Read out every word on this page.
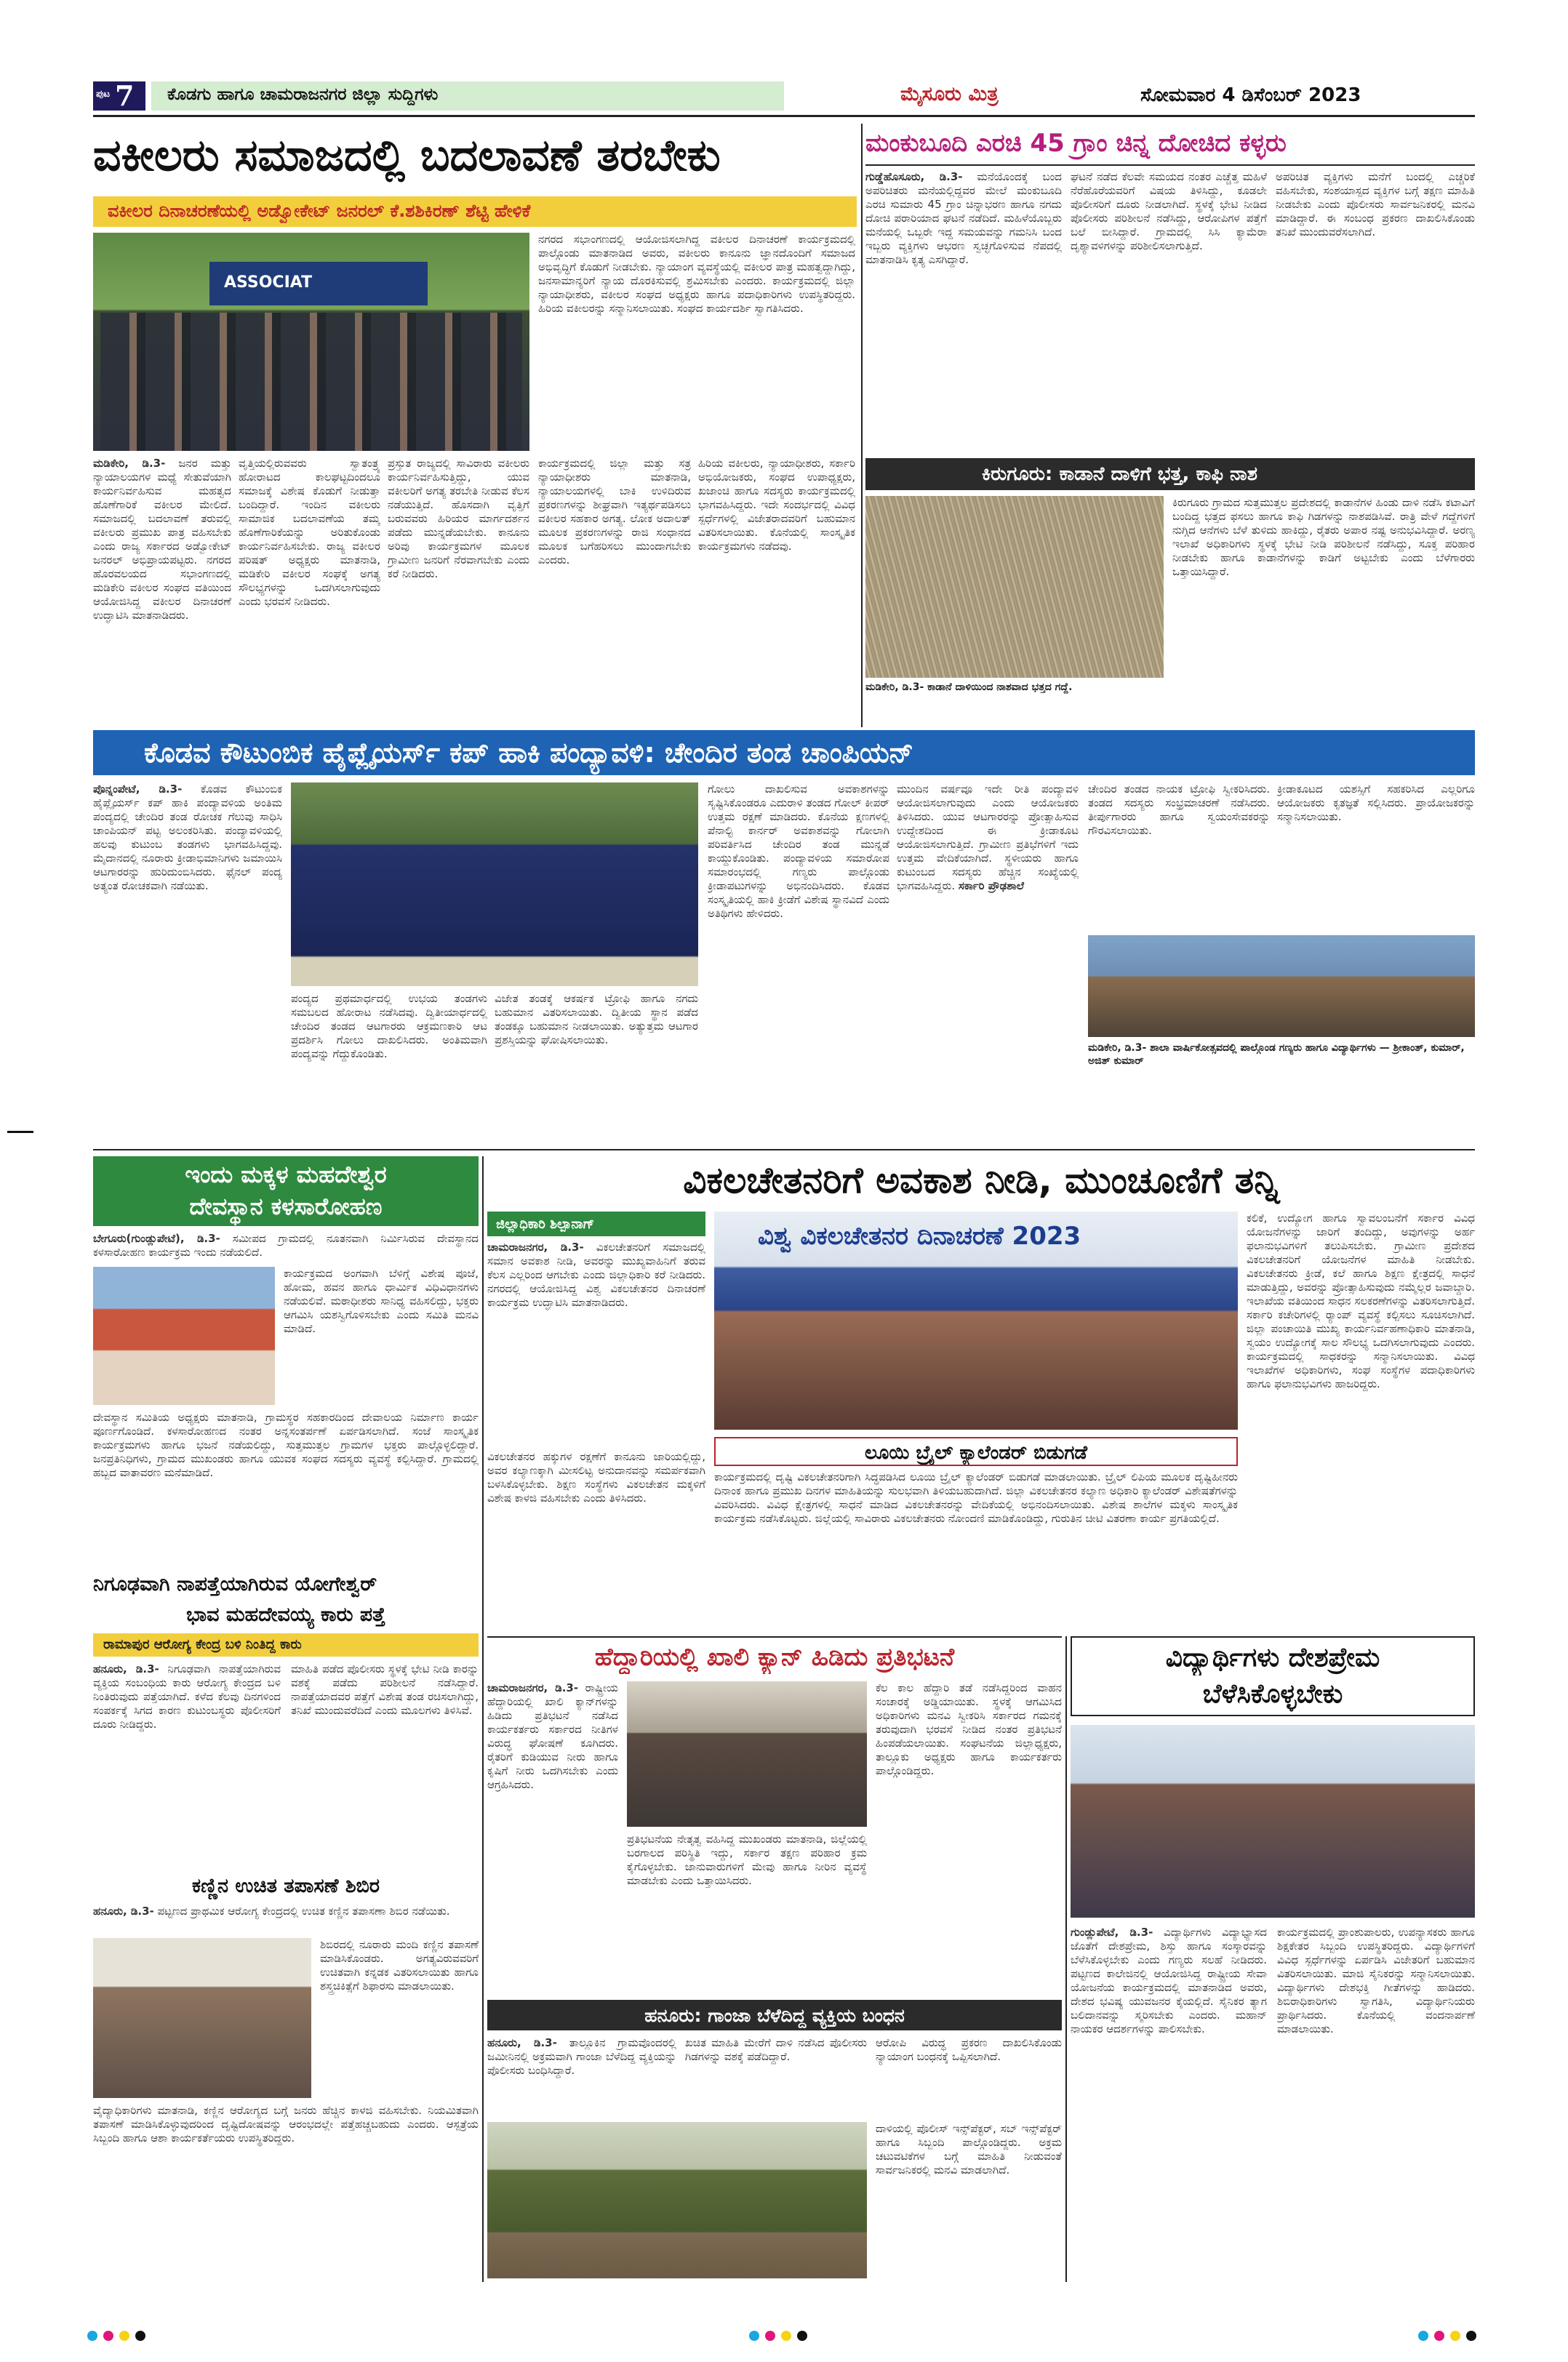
ಪುಟ 7 ಕೊಡಗು ಹಾಗೂ ಚಾಮರಾಜನಗರ ಜಿಲ್ಲಾ ಸುದ್ದಿಗಳು	ಮೈಸೂರು ಮಿತ್ರ	ಸೋಮವಾರ 4 ಡಿಸೆಂಬರ್ 2023
ವಕೀಲರು ಸಮಾಜದಲ್ಲಿ ಬದಲಾವಣೆ ತರಬೇಕು
ವಕೀಲರ ದಿನಾಚರಣೆಯಲ್ಲಿ ಅಡ್ವೋಕೇಟ್ ಜನರಲ್ ಕೆ.ಶಶಿಕಿರಣ್ ಶೆಟ್ಟಿ ಹೇಳಿಕೆ
ASSOCIAT
ನಗರದ ಸಭಾಂಗಣದಲ್ಲಿ ಆಯೋಜಿಸಲಾಗಿದ್ದ ವಕೀಲರ ದಿನಾಚರಣೆ ಕಾರ್ಯಕ್ರಮದಲ್ಲಿ ಪಾಲ್ಗೊಂಡು ಮಾತನಾಡಿದ ಅವರು, ವಕೀಲರು ಕಾನೂನು ಜ್ಞಾನದೊಂದಿಗೆ ಸಮಾಜದ ಅಭಿವೃದ್ಧಿಗೆ ಕೊಡುಗೆ ನೀಡಬೇಕು. ನ್ಯಾಯಾಂಗ ವ್ಯವಸ್ಥೆಯಲ್ಲಿ ವಕೀಲರ ಪಾತ್ರ ಮಹತ್ವದ್ದಾಗಿದ್ದು, ಜನಸಾಮಾನ್ಯರಿಗೆ ನ್ಯಾಯ ದೊರಕಿಸುವಲ್ಲಿ ಶ್ರಮಿಸಬೇಕು ಎಂದರು. ಕಾರ್ಯಕ್ರಮದಲ್ಲಿ ಜಿಲ್ಲಾ ನ್ಯಾಯಾಧೀಶರು, ವಕೀಲರ ಸಂಘದ ಅಧ್ಯಕ್ಷರು ಹಾಗೂ ಪದಾಧಿಕಾರಿಗಳು ಉಪಸ್ಥಿತರಿದ್ದರು. ಹಿರಿಯ ವಕೀಲರನ್ನು ಸನ್ಮಾನಿಸಲಾಯಿತು. ಸಂಘದ ಕಾರ್ಯದರ್ಶಿ ಸ್ವಾಗತಿಸಿದರು.
ಮಡಿಕೇರಿ, ಡಿ.3- ಜನರ ಮತ್ತು ನ್ಯಾಯಾಲಯಗಳ ಮಧ್ಯೆ ಸೇತುವೆಯಾಗಿ ಕಾರ್ಯನಿರ್ವಹಿಸುವ ಮಹತ್ವದ ಹೊಣೆಗಾರಿಕೆ ವಕೀಲರ ಮೇಲಿದೆ. ಸಮಾಜದಲ್ಲಿ ಬದಲಾವಣೆ ತರುವಲ್ಲಿ ವಕೀಲರು ಪ್ರಮುಖ ಪಾತ್ರ ವಹಿಸಬೇಕು ಎಂದು ರಾಜ್ಯ ಸರ್ಕಾರದ ಅಡ್ವೋಕೇಟ್ ಜನರಲ್ ಅಭಿಪ್ರಾಯಪಟ್ಟರು. ನಗರದ ಹೊರವಲಯದ ಸಭಾಂಗಣದಲ್ಲಿ ಮಡಿಕೇರಿ ವಕೀಲರ ಸಂಘದ ವತಿಯಿಂದ ಆಯೋಜಿಸಿದ್ದ ವಕೀಲರ ದಿನಾಚರಣೆ ಉದ್ಘಾಟಿಸಿ ಮಾತನಾಡಿದರು.
ವೃತ್ತಿಯಲ್ಲಿರುವವರು ಸ್ವಾತಂತ್ರ್ಯ ಹೋರಾಟದ ಕಾಲಘಟ್ಟದಿಂದಲೂ ಸಮಾಜಕ್ಕೆ ವಿಶೇಷ ಕೊಡುಗೆ ನೀಡುತ್ತಾ ಬಂದಿದ್ದಾರೆ. ಇಂದಿನ ವಕೀಲರು ಸಾಮಾಜಿಕ ಬದಲಾವಣೆಯ ತಮ್ಮ ಹೊಣೆಗಾರಿಕೆಯನ್ನು ಅರಿತುಕೊಂಡು ಕಾರ್ಯನಿರ್ವಹಿಸಬೇಕು. ರಾಜ್ಯ ವಕೀಲರ ಪರಿಷತ್ ಅಧ್ಯಕ್ಷರು ಮಾತನಾಡಿ, ಮಡಿಕೇರಿ ವಕೀಲರ ಸಂಘಕ್ಕೆ ಅಗತ್ಯ ಸೌಲಭ್ಯಗಳನ್ನು ಒದಗಿಸಲಾಗುವುದು ಎಂದು ಭರವಸೆ ನೀಡಿದರು.
ಪ್ರಸ್ತುತ ರಾಜ್ಯದಲ್ಲಿ ಸಾವಿರಾರು ವಕೀಲರು ಕಾರ್ಯನಿರ್ವಹಿಸುತ್ತಿದ್ದು, ಯುವ ವಕೀಲರಿಗೆ ಅಗತ್ಯ ತರಬೇತಿ ನೀಡುವ ಕೆಲಸ ನಡೆಯುತ್ತಿದೆ. ಹೊಸದಾಗಿ ವೃತ್ತಿಗೆ ಬರುವವರು ಹಿರಿಯರ ಮಾರ್ಗದರ್ಶನ ಪಡೆದು ಮುನ್ನಡೆಯಬೇಕು. ಕಾನೂನು ಅರಿವು ಕಾರ್ಯಕ್ರಮಗಳ ಮೂಲಕ ಗ್ರಾಮೀಣ ಜನರಿಗೆ ನೆರವಾಗಬೇಕು ಎಂದು ಕರೆ ನೀಡಿದರು.
ಕಾರ್ಯಕ್ರಮದಲ್ಲಿ ಜಿಲ್ಲಾ ಮತ್ತು ಸತ್ರ ನ್ಯಾಯಾಧೀಶರು ಮಾತನಾಡಿ, ನ್ಯಾಯಾಲಯಗಳಲ್ಲಿ ಬಾಕಿ ಉಳಿದಿರುವ ಪ್ರಕರಣಗಳನ್ನು ಶೀಘ್ರವಾಗಿ ಇತ್ಯರ್ಥಪಡಿಸಲು ವಕೀಲರ ಸಹಕಾರ ಅಗತ್ಯ. ಲೋಕ ಅದಾಲತ್ ಮೂಲಕ ಪ್ರಕರಣಗಳನ್ನು ರಾಜಿ ಸಂಧಾನದ ಮೂಲಕ ಬಗೆಹರಿಸಲು ಮುಂದಾಗಬೇಕು ಎಂದರು.
ಹಿರಿಯ ವಕೀಲರು, ನ್ಯಾಯಾಧೀಶರು, ಸರ್ಕಾರಿ ಅಭಿಯೋಜಕರು, ಸಂಘದ ಉಪಾಧ್ಯಕ್ಷರು, ಖಜಾಂಚಿ ಹಾಗೂ ಸದಸ್ಯರು ಕಾರ್ಯಕ್ರಮದಲ್ಲಿ ಭಾಗವಹಿಸಿದ್ದರು. ಇದೇ ಸಂದರ್ಭದಲ್ಲಿ ವಿವಿಧ ಸ್ಪರ್ಧೆಗಳಲ್ಲಿ ವಿಜೇತರಾದವರಿಗೆ ಬಹುಮಾನ ವಿತರಿಸಲಾಯಿತು. ಕೊನೆಯಲ್ಲಿ ಸಾಂಸ್ಕೃತಿಕ ಕಾರ್ಯಕ್ರಮಗಳು ನಡೆದವು.
ಮಂಕುಬೂದಿ ಎರಚಿ 45 ಗ್ರಾಂ ಚಿನ್ನ ದೋಚಿದ ಕಳ್ಳರು
ಗುಡ್ಡೆಹೊಸೂರು, ಡಿ.3- ಮನೆಯೊಂದಕ್ಕೆ ಬಂದ ಅಪರಿಚಿತರು ಮನೆಯಲ್ಲಿದ್ದವರ ಮೇಲೆ ಮಂಕುಬೂದಿ ಎರಚಿ ಸುಮಾರು 45 ಗ್ರಾಂ ಚಿನ್ನಾಭರಣ ಹಾಗೂ ನಗದು ದೋಚಿ ಪರಾರಿಯಾದ ಘಟನೆ ನಡೆದಿದೆ. ಮಹಿಳೆಯೊಬ್ಬರು ಮನೆಯಲ್ಲಿ ಒಬ್ಬರೇ ಇದ್ದ ಸಮಯವನ್ನು ಗಮನಿಸಿ ಬಂದ ಇಬ್ಬರು ವ್ಯಕ್ತಿಗಳು ಆಭರಣ ಸ್ವಚ್ಛಗೊಳಿಸುವ ನೆಪದಲ್ಲಿ ಮಾತನಾಡಿಸಿ ಕೃತ್ಯ ಎಸಗಿದ್ದಾರೆ.
ಘಟನೆ ನಡೆದ ಕೆಲವೇ ಸಮಯದ ನಂತರ ಎಚ್ಚೆತ್ತ ಮಹಿಳೆ ನೆರೆಹೊರೆಯವರಿಗೆ ವಿಷಯ ತಿಳಿಸಿದ್ದು, ಕೂಡಲೇ ಪೊಲೀಸರಿಗೆ ದೂರು ನೀಡಲಾಗಿದೆ. ಸ್ಥಳಕ್ಕೆ ಭೇಟಿ ನೀಡಿದ ಪೊಲೀಸರು ಪರಿಶೀಲನೆ ನಡೆಸಿದ್ದು, ಆರೋಪಿಗಳ ಪತ್ತೆಗೆ ಬಲೆ ಬೀಸಿದ್ದಾರೆ. ಗ್ರಾಮದಲ್ಲಿ ಸಿಸಿ ಕ್ಯಾಮೆರಾ ದೃಶ್ಯಾವಳಿಗಳನ್ನು ಪರಿಶೀಲಿಸಲಾಗುತ್ತಿದೆ.
ಅಪರಿಚಿತ ವ್ಯಕ್ತಿಗಳು ಮನೆಗೆ ಬಂದಲ್ಲಿ ಎಚ್ಚರಿಕೆ ವಹಿಸಬೇಕು, ಸಂಶಯಾಸ್ಪದ ವ್ಯಕ್ತಿಗಳ ಬಗ್ಗೆ ತಕ್ಷಣ ಮಾಹಿತಿ ನೀಡಬೇಕು ಎಂದು ಪೊಲೀಸರು ಸಾರ್ವಜನಿಕರಲ್ಲಿ ಮನವಿ ಮಾಡಿದ್ದಾರೆ. ಈ ಸಂಬಂಧ ಪ್ರಕರಣ ದಾಖಲಿಸಿಕೊಂಡು ತನಿಖೆ ಮುಂದುವರೆಸಲಾಗಿದೆ.
ಕಿರುಗೂರು: ಕಾಡಾನೆ ದಾಳಿಗೆ ಭತ್ತ, ಕಾಫಿ ನಾಶ
ಮಡಿಕೇರಿ, ಡಿ.3- ಕಾಡಾನೆ ದಾಳಿಯಿಂದ ನಾಶವಾದ ಭತ್ತದ ಗದ್ದೆ.
ಕಿರುಗೂರು ಗ್ರಾಮದ ಸುತ್ತಮುತ್ತಲ ಪ್ರದೇಶದಲ್ಲಿ ಕಾಡಾನೆಗಳ ಹಿಂಡು ದಾಳಿ ನಡೆಸಿ ಕಟಾವಿಗೆ ಬಂದಿದ್ದ ಭತ್ತದ ಫಸಲು ಹಾಗೂ ಕಾಫಿ ಗಿಡಗಳನ್ನು ನಾಶಪಡಿಸಿವೆ. ರಾತ್ರಿ ವೇಳೆ ಗದ್ದೆಗಳಿಗೆ ನುಗ್ಗಿದ ಆನೆಗಳು ಬೆಳೆ ತುಳಿದು ಹಾಕಿದ್ದು, ರೈತರು ಅಪಾರ ನಷ್ಟ ಅನುಭವಿಸಿದ್ದಾರೆ. ಅರಣ್ಯ ಇಲಾಖೆ ಅಧಿಕಾರಿಗಳು ಸ್ಥಳಕ್ಕೆ ಭೇಟಿ ನೀಡಿ ಪರಿಶೀಲನೆ ನಡೆಸಿದ್ದು, ಸೂಕ್ತ ಪರಿಹಾರ ನೀಡಬೇಕು ಹಾಗೂ ಕಾಡಾನೆಗಳನ್ನು ಕಾಡಿಗೆ ಅಟ್ಟಬೇಕು ಎಂದು ಬೆಳೆಗಾರರು ಒತ್ತಾಯಿಸಿದ್ದಾರೆ.
ಕೊಡವ ಕೌಟುಂಬಿಕ ಹೈಪ್ಲೈಯರ್ಸ್ ಕಪ್ ಹಾಕಿ ಪಂದ್ಯಾವಳಿ: ಚೇಂದಿರ ತಂಡ ಚಾಂಪಿಯನ್
ಪೊನ್ನಂಪೇಟೆ, ಡಿ.3- ಕೊಡವ ಕೌಟುಂಬಿಕ ಹೈಪ್ಲೈಯರ್ಸ್ ಕಪ್ ಹಾಕಿ ಪಂದ್ಯಾವಳಿಯ ಅಂತಿಮ ಪಂದ್ಯದಲ್ಲಿ ಚೇಂದಿರ ತಂಡ ರೋಚಕ ಗೆಲುವು ಸಾಧಿಸಿ ಚಾಂಪಿಯನ್ ಪಟ್ಟ ಅಲಂಕರಿಸಿತು. ಪಂದ್ಯಾವಳಿಯಲ್ಲಿ ಹಲವು ಕುಟುಂಬ ತಂಡಗಳು ಭಾಗವಹಿಸಿದ್ದವು. ಮೈದಾನದಲ್ಲಿ ನೂರಾರು ಕ್ರೀಡಾಭಿಮಾನಿಗಳು ಜಮಾಯಿಸಿ ಆಟಗಾರರನ್ನು ಹುರಿದುಂಬಿಸಿದರು. ಫೈನಲ್ ಪಂದ್ಯ ಅತ್ಯಂತ ರೋಚಕವಾಗಿ ನಡೆಯಿತು.
ಪಂದ್ಯದ ಪ್ರಥಮಾರ್ಧದಲ್ಲಿ ಉಭಯ ತಂಡಗಳು ಸಮಬಲದ ಹೋರಾಟ ನಡೆಸಿದವು. ದ್ವಿತೀಯಾರ್ಧದಲ್ಲಿ ಚೇಂದಿರ ತಂಡದ ಆಟಗಾರರು ಆಕ್ರಮಣಕಾರಿ ಆಟ ಪ್ರದರ್ಶಿಸಿ ಗೋಲು ದಾಖಲಿಸಿದರು. ಅಂತಿಮವಾಗಿ ಪಂದ್ಯವನ್ನು ಗೆದ್ದುಕೊಂಡಿತು.
ವಿಜೇತ ತಂಡಕ್ಕೆ ಆಕರ್ಷಕ ಟ್ರೋಫಿ ಹಾಗೂ ನಗದು ಬಹುಮಾನ ವಿತರಿಸಲಾಯಿತು. ದ್ವಿತೀಯ ಸ್ಥಾನ ಪಡೆದ ತಂಡಕ್ಕೂ ಬಹುಮಾನ ನೀಡಲಾಯಿತು. ಅತ್ಯುತ್ತಮ ಆಟಗಾರ ಪ್ರಶಸ್ತಿಯನ್ನು ಘೋಷಿಸಲಾಯಿತು.
ಗೋಲು ದಾಖಲಿಸುವ ಅವಕಾಶಗಳನ್ನು ಸೃಷ್ಟಿಸಿಕೊಂಡರೂ ಎದುರಾಳಿ ತಂಡದ ಗೋಲ್ ಕೀಪರ್ ಉತ್ತಮ ರಕ್ಷಣೆ ಮಾಡಿದರು. ಕೊನೆಯ ಕ್ಷಣಗಳಲ್ಲಿ ಪೆನಾಲ್ಟಿ ಕಾರ್ನರ್ ಅವಕಾಶವನ್ನು ಗೋಲಾಗಿ ಪರಿವರ್ತಿಸಿದ ಚೇಂದಿರ ತಂಡ ಮುನ್ನಡೆ ಕಾಯ್ದುಕೊಂಡಿತು. ಪಂದ್ಯಾವಳಿಯ ಸಮಾರೋಪ ಸಮಾರಂಭದಲ್ಲಿ ಗಣ್ಯರು ಪಾಲ್ಗೊಂಡು ಕ್ರೀಡಾಪಟುಗಳನ್ನು ಅಭಿನಂದಿಸಿದರು. ಕೊಡವ ಸಂಸ್ಕೃತಿಯಲ್ಲಿ ಹಾಕಿ ಕ್ರೀಡೆಗೆ ವಿಶೇಷ ಸ್ಥಾನವಿದೆ ಎಂದು ಅತಿಥಿಗಳು ಹೇಳಿದರು.
ಮುಂದಿನ ವರ್ಷವೂ ಇದೇ ರೀತಿ ಪಂದ್ಯಾವಳಿ ಆಯೋಜಿಸಲಾಗುವುದು ಎಂದು ಆಯೋಜಕರು ತಿಳಿಸಿದರು. ಯುವ ಆಟಗಾರರನ್ನು ಪ್ರೋತ್ಸಾಹಿಸುವ ಉದ್ದೇಶದಿಂದ ಈ ಕ್ರೀಡಾಕೂಟ ಆಯೋಜಿಸಲಾಗುತ್ತಿದೆ. ಗ್ರಾಮೀಣ ಪ್ರತಿಭೆಗಳಿಗೆ ಇದು ಉತ್ತಮ ವೇದಿಕೆಯಾಗಿದೆ. ಸ್ಥಳೀಯರು ಹಾಗೂ ಕುಟುಂಬದ ಸದಸ್ಯರು ಹೆಚ್ಚಿನ ಸಂಖ್ಯೆಯಲ್ಲಿ ಭಾಗವಹಿಸಿದ್ದರು. ಸರ್ಕಾರಿ ಪ್ರೌಢಶಾಲೆ
ಚೇಂದಿರ ತಂಡದ ನಾಯಕ ಟ್ರೋಫಿ ಸ್ವೀಕರಿಸಿದರು. ತಂಡದ ಸದಸ್ಯರು ಸಂಭ್ರಮಾಚರಣೆ ನಡೆಸಿದರು. ತೀರ್ಪುಗಾರರು ಹಾಗೂ ಸ್ವಯಂಸೇವಕರನ್ನು ಗೌರವಿಸಲಾಯಿತು.
ಕ್ರೀಡಾಕೂಟದ ಯಶಸ್ಸಿಗೆ ಸಹಕರಿಸಿದ ಎಲ್ಲರಿಗೂ ಆಯೋಜಕರು ಕೃತಜ್ಞತೆ ಸಲ್ಲಿಸಿದರು. ಪ್ರಾಯೋಜಕರನ್ನು ಸನ್ಮಾನಿಸಲಾಯಿತು.
ಮಡಿಕೇರಿ, ಡಿ.3- ಶಾಲಾ ವಾರ್ಷಿಕೋತ್ಸವದಲ್ಲಿ ಪಾಲ್ಗೊಂಡ ಗಣ್ಯರು ಹಾಗೂ ವಿದ್ಯಾರ್ಥಿಗಳು — ಶ್ರೀಕಾಂತ್, ಕುಮಾರ್, ಅಜಿತ್ ಕುಮಾರ್
ಇಂದು ಮಕ್ಕಳ ಮಹದೇಶ್ವರ
ದೇವಸ್ಥಾನ ಕಳಸಾರೋಹಣ
ಬೇಗೂರು(ಗುಂಡ್ಲುಪೇಟೆ), ಡಿ.3- ಸಮೀಪದ ಗ್ರಾಮದಲ್ಲಿ ನೂತನವಾಗಿ ನಿರ್ಮಿಸಿರುವ ದೇವಸ್ಥಾನದ ಕಳಸಾರೋಹಣ ಕಾರ್ಯಕ್ರಮ ಇಂದು ನಡೆಯಲಿದೆ.
ಕಾರ್ಯಕ್ರಮದ ಅಂಗವಾಗಿ ಬೆಳಿಗ್ಗೆ ವಿಶೇಷ ಪೂಜೆ, ಹೋಮ, ಹವನ ಹಾಗೂ ಧಾರ್ಮಿಕ ವಿಧಿವಿಧಾನಗಳು ನಡೆಯಲಿವೆ. ಮಠಾಧೀಶರು ಸಾನಿಧ್ಯ ವಹಿಸಲಿದ್ದು, ಭಕ್ತರು ಆಗಮಿಸಿ ಯಶಸ್ವಿಗೊಳಿಸಬೇಕು ಎಂದು ಸಮಿತಿ ಮನವಿ ಮಾಡಿದೆ.
ದೇವಸ್ಥಾನ ಸಮಿತಿಯ ಅಧ್ಯಕ್ಷರು ಮಾತನಾಡಿ, ಗ್ರಾಮಸ್ಥರ ಸಹಕಾರದಿಂದ ದೇವಾಲಯ ನಿರ್ಮಾಣ ಕಾರ್ಯ ಪೂರ್ಣಗೊಂಡಿದೆ. ಕಳಸಾರೋಹಣದ ನಂತರ ಅನ್ನಸಂತರ್ಪಣೆ ಏರ್ಪಡಿಸಲಾಗಿದೆ. ಸಂಜೆ ಸಾಂಸ್ಕೃತಿಕ ಕಾರ್ಯಕ್ರಮಗಳು ಹಾಗೂ ಭಜನೆ ನಡೆಯಲಿದ್ದು, ಸುತ್ತಮುತ್ತಲ ಗ್ರಾಮಗಳ ಭಕ್ತರು ಪಾಲ್ಗೊಳ್ಳಲಿದ್ದಾರೆ. ಜನಪ್ರತಿನಿಧಿಗಳು, ಗ್ರಾಮದ ಮುಖಂಡರು ಹಾಗೂ ಯುವಕ ಸಂಘದ ಸದಸ್ಯರು ವ್ಯವಸ್ಥೆ ಕಲ್ಪಿಸಿದ್ದಾರೆ. ಗ್ರಾಮದಲ್ಲಿ ಹಬ್ಬದ ವಾತಾವರಣ ಮನೆಮಾಡಿದೆ.
ನಿಗೂಢವಾಗಿ ನಾಪತ್ತೆಯಾಗಿರುವ ಯೋಗೇಶ್ವರ್
ಭಾವ ಮಹದೇವಯ್ಯ ಕಾರು ಪತ್ತೆ
ರಾಮಾಪುರ ಆರೋಗ್ಯ ಕೇಂದ್ರ ಬಳಿ ನಿಂತಿದ್ದ ಕಾರು
ಹನೂರು, ಡಿ.3- ನಿಗೂಢವಾಗಿ ನಾಪತ್ತೆಯಾಗಿರುವ ವ್ಯಕ್ತಿಯ ಸಂಬಂಧಿಯ ಕಾರು ಆರೋಗ್ಯ ಕೇಂದ್ರದ ಬಳಿ ನಿಂತಿರುವುದು ಪತ್ತೆಯಾಗಿದೆ. ಕಳೆದ ಕೆಲವು ದಿನಗಳಿಂದ ಸಂಪರ್ಕಕ್ಕೆ ಸಿಗದ ಕಾರಣ ಕುಟುಂಬಸ್ಥರು ಪೊಲೀಸರಿಗೆ ದೂರು ನೀಡಿದ್ದರು.
ಮಾಹಿತಿ ಪಡೆದ ಪೊಲೀಸರು ಸ್ಥಳಕ್ಕೆ ಭೇಟಿ ನೀಡಿ ಕಾರನ್ನು ವಶಕ್ಕೆ ಪಡೆದು ಪರಿಶೀಲನೆ ನಡೆಸಿದ್ದಾರೆ. ನಾಪತ್ತೆಯಾದವರ ಪತ್ತೆಗೆ ವಿಶೇಷ ತಂಡ ರಚಿಸಲಾಗಿದ್ದು, ತನಿಖೆ ಮುಂದುವರೆದಿದೆ ಎಂದು ಮೂಲಗಳು ತಿಳಿಸಿವೆ.
ಕಣ್ಣಿನ ಉಚಿತ ತಪಾಸಣೆ ಶಿಬಿರ
ಹನೂರು, ಡಿ.3- ಪಟ್ಟಣದ ಪ್ರಾಥಮಿಕ ಆರೋಗ್ಯ ಕೇಂದ್ರದಲ್ಲಿ ಉಚಿತ ಕಣ್ಣಿನ ತಪಾಸಣಾ ಶಿಬಿರ ನಡೆಯಿತು.
ಶಿಬಿರದಲ್ಲಿ ನೂರಾರು ಮಂದಿ ಕಣ್ಣಿನ ತಪಾಸಣೆ ಮಾಡಿಸಿಕೊಂಡರು. ಅಗತ್ಯವಿರುವವರಿಗೆ ಉಚಿತವಾಗಿ ಕನ್ನಡಕ ವಿತರಿಸಲಾಯಿತು ಹಾಗೂ ಶಸ್ತ್ರಚಿಕಿತ್ಸೆಗೆ ಶಿಫಾರಸು ಮಾಡಲಾಯಿತು.
ವೈದ್ಯಾಧಿಕಾರಿಗಳು ಮಾತನಾಡಿ, ಕಣ್ಣಿನ ಆರೋಗ್ಯದ ಬಗ್ಗೆ ಜನರು ಹೆಚ್ಚಿನ ಕಾಳಜಿ ವಹಿಸಬೇಕು. ನಿಯಮಿತವಾಗಿ ತಪಾಸಣೆ ಮಾಡಿಸಿಕೊಳ್ಳುವುದರಿಂದ ದೃಷ್ಟಿದೋಷವನ್ನು ಆರಂಭದಲ್ಲೇ ಪತ್ತೆಹಚ್ಚಬಹುದು ಎಂದರು. ಆಸ್ಪತ್ರೆಯ ಸಿಬ್ಬಂದಿ ಹಾಗೂ ಆಶಾ ಕಾರ್ಯಕರ್ತೆಯರು ಉಪಸ್ಥಿತರಿದ್ದರು.
ವಿಕಲಚೇತನರಿಗೆ ಅವಕಾಶ ನೀಡಿ, ಮುಂಚೂಣಿಗೆ ತನ್ನಿ
ಜಿಲ್ಲಾಧಿಕಾರಿ ಶಿಲ್ಪಾನಾಗ್
ಚಾಮರಾಜನಗರ, ಡಿ.3- ವಿಕಲಚೇತನರಿಗೆ ಸಮಾಜದಲ್ಲಿ ಸಮಾನ ಅವಕಾಶ ನೀಡಿ, ಅವರನ್ನು ಮುಖ್ಯವಾಹಿನಿಗೆ ತರುವ ಕೆಲಸ ಎಲ್ಲರಿಂದ ಆಗಬೇಕು ಎಂದು ಜಿಲ್ಲಾಧಿಕಾರಿ ಕರೆ ನೀಡಿದರು. ನಗರದಲ್ಲಿ ಆಯೋಜಿಸಿದ್ದ ವಿಶ್ವ ವಿಕಲಚೇತನರ ದಿನಾಚರಣೆ ಕಾರ್ಯಕ್ರಮ ಉದ್ಘಾಟಿಸಿ ಮಾತನಾಡಿದರು.
ವಿಶ್ವ ವಿಕಲಚೇತನರ ದಿನಾಚರಣೆ 2023
ಕಲಿಕೆ, ಉದ್ಯೋಗ ಹಾಗೂ ಸ್ವಾವಲಂಬನೆಗೆ ಸರ್ಕಾರ ವಿವಿಧ ಯೋಜನೆಗಳನ್ನು ಜಾರಿಗೆ ತಂದಿದ್ದು, ಅವುಗಳನ್ನು ಅರ್ಹ ಫಲಾನುಭವಿಗಳಿಗೆ ತಲುಪಿಸಬೇಕು. ಗ್ರಾಮೀಣ ಪ್ರದೇಶದ ವಿಕಲಚೇತನರಿಗೆ ಯೋಜನೆಗಳ ಮಾಹಿತಿ ನೀಡಬೇಕು. ವಿಕಲಚೇತನರು ಕ್ರೀಡೆ, ಕಲೆ ಹಾಗೂ ಶಿಕ್ಷಣ ಕ್ಷೇತ್ರದಲ್ಲಿ ಸಾಧನೆ ಮಾಡುತ್ತಿದ್ದು, ಅವರನ್ನು ಪ್ರೋತ್ಸಾಹಿಸುವುದು ನಮ್ಮೆಲ್ಲರ ಜವಾಬ್ದಾರಿ. ಇಲಾಖೆಯ ವತಿಯಿಂದ ಸಾಧನ ಸಲಕರಣೆಗಳನ್ನು ವಿತರಿಸಲಾಗುತ್ತಿದೆ. ಸರ್ಕಾರಿ ಕಚೇರಿಗಳಲ್ಲಿ ರ‍್ಯಾಂಪ್ ವ್ಯವಸ್ಥೆ ಕಲ್ಪಿಸಲು ಸೂಚಿಸಲಾಗಿದೆ. ಜಿಲ್ಲಾ ಪಂಚಾಯಿತಿ ಮುಖ್ಯ ಕಾರ್ಯನಿರ್ವಹಣಾಧಿಕಾರಿ ಮಾತನಾಡಿ, ಸ್ವಯಂ ಉದ್ಯೋಗಕ್ಕೆ ಸಾಲ ಸೌಲಭ್ಯ ಒದಗಿಸಲಾಗುವುದು ಎಂದರು. ಕಾರ್ಯಕ್ರಮದಲ್ಲಿ ಸಾಧಕರನ್ನು ಸನ್ಮಾನಿಸಲಾಯಿತು. ವಿವಿಧ ಇಲಾಖೆಗಳ ಅಧಿಕಾರಿಗಳು, ಸಂಘ ಸಂಸ್ಥೆಗಳ ಪದಾಧಿಕಾರಿಗಳು ಹಾಗೂ ಫಲಾನುಭವಿಗಳು ಹಾಜರಿದ್ದರು.
ಲೂಯಿ ಬ್ರೈಲ್ ಕ್ಯಾಲೆಂಡರ್ ಬಿಡುಗಡೆ
ವಿಕಲಚೇತನರ ಹಕ್ಕುಗಳ ರಕ್ಷಣೆಗೆ ಕಾನೂನು ಜಾರಿಯಲ್ಲಿದ್ದು, ಅವರ ಕಲ್ಯಾಣಕ್ಕಾಗಿ ಮೀಸಲಿಟ್ಟ ಅನುದಾನವನ್ನು ಸಮರ್ಪಕವಾಗಿ ಬಳಸಿಕೊಳ್ಳಬೇಕು. ಶಿಕ್ಷಣ ಸಂಸ್ಥೆಗಳು ವಿಕಲಚೇತನ ಮಕ್ಕಳಿಗೆ ವಿಶೇಷ ಕಾಳಜಿ ವಹಿಸಬೇಕು ಎಂದು ತಿಳಿಸಿದರು.
ಕಾರ್ಯಕ್ರಮದಲ್ಲಿ ದೃಷ್ಟಿ ವಿಕಲಚೇತನರಿಗಾಗಿ ಸಿದ್ಧಪಡಿಸಿದ ಲೂಯಿ ಬ್ರೈಲ್ ಕ್ಯಾಲೆಂಡರ್ ಬಿಡುಗಡೆ ಮಾಡಲಾಯಿತು. ಬ್ರೈಲ್ ಲಿಪಿಯ ಮೂಲಕ ದೃಷ್ಟಿಹೀನರು ದಿನಾಂಕ ಹಾಗೂ ಪ್ರಮುಖ ದಿನಗಳ ಮಾಹಿತಿಯನ್ನು ಸುಲಭವಾಗಿ ತಿಳಿಯಬಹುದಾಗಿದೆ. ಜಿಲ್ಲಾ ವಿಕಲಚೇತನರ ಕಲ್ಯಾಣ ಅಧಿಕಾರಿ ಕ್ಯಾಲೆಂಡರ್ ವಿಶೇಷತೆಗಳನ್ನು ವಿವರಿಸಿದರು. ವಿವಿಧ ಕ್ಷೇತ್ರಗಳಲ್ಲಿ ಸಾಧನೆ ಮಾಡಿದ ವಿಕಲಚೇತನರನ್ನು ವೇದಿಕೆಯಲ್ಲಿ ಅಭಿನಂದಿಸಲಾಯಿತು. ವಿಶೇಷ ಶಾಲೆಗಳ ಮಕ್ಕಳು ಸಾಂಸ್ಕೃತಿಕ ಕಾರ್ಯಕ್ರಮ ನಡೆಸಿಕೊಟ್ಟರು. ಜಿಲ್ಲೆಯಲ್ಲಿ ಸಾವಿರಾರು ವಿಕಲಚೇತನರು ನೋಂದಣಿ ಮಾಡಿಕೊಂಡಿದ್ದು, ಗುರುತಿನ ಚೀಟಿ ವಿತರಣಾ ಕಾರ್ಯ ಪ್ರಗತಿಯಲ್ಲಿದೆ.
ಹೆದ್ದಾರಿಯಲ್ಲಿ ಖಾಲಿ ಕ್ಯಾನ್ ಹಿಡಿದು ಪ್ರತಿಭಟನೆ
ಚಾಮರಾಜನಗರ, ಡಿ.3- ರಾಷ್ಟ್ರೀಯ ಹೆದ್ದಾರಿಯಲ್ಲಿ ಖಾಲಿ ಕ್ಯಾನ್‌ಗಳನ್ನು ಹಿಡಿದು ಪ್ರತಿಭಟನೆ ನಡೆಸಿದ ಕಾರ್ಯಕರ್ತರು ಸರ್ಕಾರದ ನೀತಿಗಳ ವಿರುದ್ಧ ಘೋಷಣೆ ಕೂಗಿದರು. ರೈತರಿಗೆ ಕುಡಿಯುವ ನೀರು ಹಾಗೂ ಕೃಷಿಗೆ ನೀರು ಒದಗಿಸಬೇಕು ಎಂದು ಆಗ್ರಹಿಸಿದರು.
ಪ್ರತಿಭಟನೆಯ ನೇತೃತ್ವ ವಹಿಸಿದ್ದ ಮುಖಂಡರು ಮಾತನಾಡಿ, ಜಿಲ್ಲೆಯಲ್ಲಿ ಬರಗಾಲದ ಪರಿಸ್ಥಿತಿ ಇದ್ದು, ಸರ್ಕಾರ ತಕ್ಷಣ ಪರಿಹಾರ ಕ್ರಮ ಕೈಗೊಳ್ಳಬೇಕು. ಜಾನುವಾರುಗಳಿಗೆ ಮೇವು ಹಾಗೂ ನೀರಿನ ವ್ಯವಸ್ಥೆ ಮಾಡಬೇಕು ಎಂದು ಒತ್ತಾಯಿಸಿದರು.
ಕೆಲ ಕಾಲ ಹೆದ್ದಾರಿ ತಡೆ ನಡೆಸಿದ್ದರಿಂದ ವಾಹನ ಸಂಚಾರಕ್ಕೆ ಅಡ್ಡಿಯಾಯಿತು. ಸ್ಥಳಕ್ಕೆ ಆಗಮಿಸಿದ ಅಧಿಕಾರಿಗಳು ಮನವಿ ಸ್ವೀಕರಿಸಿ ಸರ್ಕಾರದ ಗಮನಕ್ಕೆ ತರುವುದಾಗಿ ಭರವಸೆ ನೀಡಿದ ನಂತರ ಪ್ರತಿಭಟನೆ ಹಿಂಪಡೆಯಲಾಯಿತು. ಸಂಘಟನೆಯ ಜಿಲ್ಲಾಧ್ಯಕ್ಷರು, ತಾಲ್ಲೂಕು ಅಧ್ಯಕ್ಷರು ಹಾಗೂ ಕಾರ್ಯಕರ್ತರು ಪಾಲ್ಗೊಂಡಿದ್ದರು.
ಹನೂರು: ಗಾಂಜಾ ಬೆಳೆದಿದ್ದ ವ್ಯಕ್ತಿಯ ಬಂಧನ
ಹನೂರು, ಡಿ.3- ತಾಲ್ಲೂಕಿನ ಗ್ರಾಮವೊಂದರಲ್ಲಿ ಜಮೀನಿನಲ್ಲಿ ಅಕ್ರಮವಾಗಿ ಗಾಂಜಾ ಬೆಳೆದಿದ್ದ ವ್ಯಕ್ತಿಯನ್ನು ಪೊಲೀಸರು ಬಂಧಿಸಿದ್ದಾರೆ.
ಖಚಿತ ಮಾಹಿತಿ ಮೇರೆಗೆ ದಾಳಿ ನಡೆಸಿದ ಪೊಲೀಸರು ಗಿಡಗಳನ್ನು ವಶಕ್ಕೆ ಪಡೆದಿದ್ದಾರೆ.
ಆರೋಪಿ ವಿರುದ್ಧ ಪ್ರಕರಣ ದಾಖಲಿಸಿಕೊಂಡು ನ್ಯಾಯಾಂಗ ಬಂಧನಕ್ಕೆ ಒಪ್ಪಿಸಲಾಗಿದೆ.
ದಾಳಿಯಲ್ಲಿ ಪೊಲೀಸ್ ಇನ್ಸ್‌ಪೆಕ್ಟರ್, ಸಬ್ ಇನ್ಸ್‌ಪೆಕ್ಟರ್ ಹಾಗೂ ಸಿಬ್ಬಂದಿ ಪಾಲ್ಗೊಂಡಿದ್ದರು. ಅಕ್ರಮ ಚಟುವಟಿಕೆಗಳ ಬಗ್ಗೆ ಮಾಹಿತಿ ನೀಡುವಂತೆ ಸಾರ್ವಜನಿಕರಲ್ಲಿ ಮನವಿ ಮಾಡಲಾಗಿದೆ.
ವಿದ್ಯಾರ್ಥಿಗಳು ದೇಶಪ್ರೇಮ
ಬೆಳೆಸಿಕೊಳ್ಳಬೇಕು
ಗುಂಡ್ಲುಪೇಟೆ, ಡಿ.3- ವಿದ್ಯಾರ್ಥಿಗಳು ವಿದ್ಯಾಭ್ಯಾಸದ ಜೊತೆಗೆ ದೇಶಪ್ರೇಮ, ಶಿಸ್ತು ಹಾಗೂ ಸಂಸ್ಕಾರವನ್ನು ಬೆಳೆಸಿಕೊಳ್ಳಬೇಕು ಎಂದು ಗಣ್ಯರು ಸಲಹೆ ನೀಡಿದರು. ಪಟ್ಟಣದ ಕಾಲೇಜಿನಲ್ಲಿ ಆಯೋಜಿಸಿದ್ದ ರಾಷ್ಟ್ರೀಯ ಸೇವಾ ಯೋಜನೆಯ ಕಾರ್ಯಕ್ರಮದಲ್ಲಿ ಮಾತನಾಡಿದ ಅವರು, ದೇಶದ ಭವಿಷ್ಯ ಯುವಜನರ ಕೈಯಲ್ಲಿದೆ. ಸೈನಿಕರ ತ್ಯಾಗ ಬಲಿದಾನವನ್ನು ಸ್ಮರಿಸಬೇಕು ಎಂದರು. ಮಹಾನ್ ನಾಯಕರ ಆದರ್ಶಗಳನ್ನು ಪಾಲಿಸಬೇಕು.
ಕಾರ್ಯಕ್ರಮದಲ್ಲಿ ಪ್ರಾಂಶುಪಾಲರು, ಉಪನ್ಯಾಸಕರು ಹಾಗೂ ಶಿಕ್ಷಕೇತರ ಸಿಬ್ಬಂದಿ ಉಪಸ್ಥಿತರಿದ್ದರು. ವಿದ್ಯಾರ್ಥಿಗಳಿಗೆ ವಿವಿಧ ಸ್ಪರ್ಧೆಗಳನ್ನು ಏರ್ಪಡಿಸಿ ವಿಜೇತರಿಗೆ ಬಹುಮಾನ ವಿತರಿಸಲಾಯಿತು. ಮಾಜಿ ಸೈನಿಕರನ್ನು ಸನ್ಮಾನಿಸಲಾಯಿತು. ವಿದ್ಯಾರ್ಥಿಗಳು ದೇಶಭಕ್ತಿ ಗೀತೆಗಳನ್ನು ಹಾಡಿದರು. ಶಿಬಿರಾಧಿಕಾರಿಗಳು ಸ್ವಾಗತಿಸಿ, ವಿದ್ಯಾರ್ಥಿನಿಯರು ಪ್ರಾರ್ಥಿಸಿದರು. ಕೊನೆಯಲ್ಲಿ ವಂದನಾರ್ಪಣೆ ಮಾಡಲಾಯಿತು.
